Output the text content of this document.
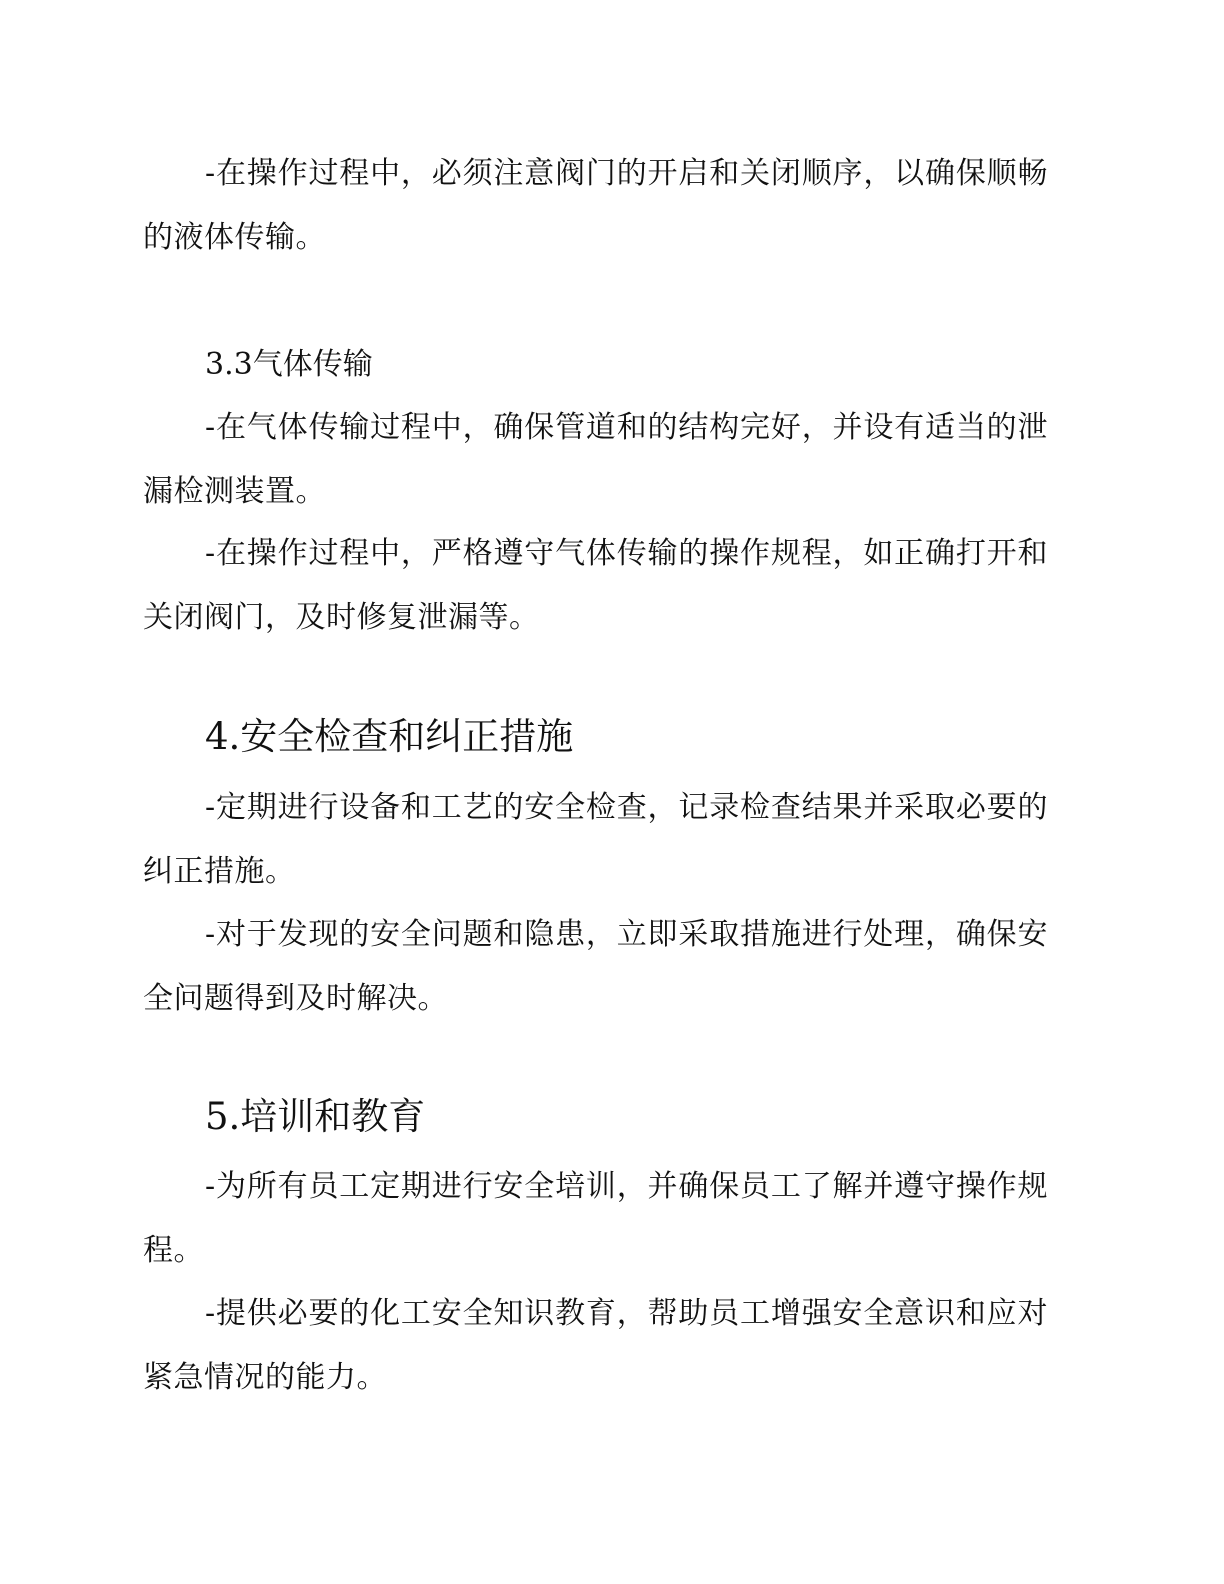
-在操作过程中，必须注意阀门的开启和关闭顺序，以确保顺畅的液体传输。

3.3气体传输

-在气体传输过程中，确保管道和的结构完好，并设有适当的泄漏检测装置。

-在操作过程中，严格遵守气体传输的操作规程，如正确打开和关闭阀门，及时修复泄漏等。

4.安全检查和纠正措施

-定期进行设备和工艺的安全检查，记录检查结果并采取必要的纠正措施。

-对于发现的安全问题和隐患，立即采取措施进行处理，确保安全问题得到及时解决。

5.培训和教育

-为所有员工定期进行安全培训，并确保员工了解并遵守操作规程。

-提供必要的化工安全知识教育，帮助员工增强安全意识和应对紧急情况的能力。
